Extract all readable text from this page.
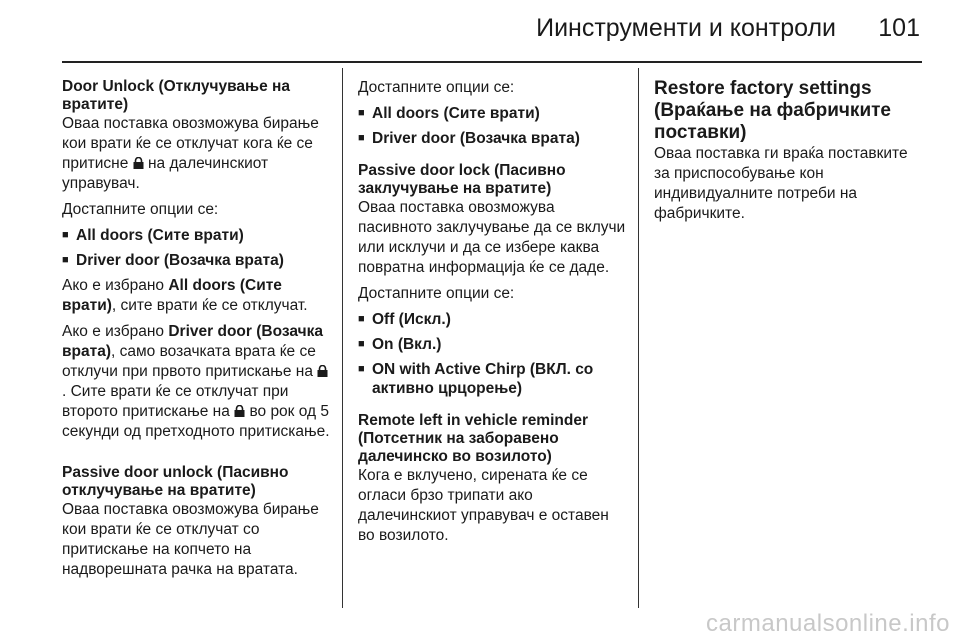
Иинструменти и контроли 101
Door Unlock (Отклучување на вратите)

Оваа поставка овозможува бирање кои врати ќе се отклучат кога ќе се притисне на далечинскиот управувач.

Достапните опции се:

■ All doors (Сите врати)
■ Driver door (Возачка врата)

Ако е избрано All doors (Сите врати), сите врати ќе се отклучат.

Ако е избрано Driver door (Возачка врата), само возачката врата ќе се отклучи при првото притискање на . Сите врати ќе се отклучат при второто притискање на во рок од 5 секунди од претходното притискање.

Passive door unlock (Пасивно отклучување на вратите)

Оваа поставка овозможува бирање кои врати ќе се отклучат со притискање на копчето на надворешната рачка на вратата.

Достапните опции се:

■ All doors (Сите врати)
■ Driver door (Возачка врата)
Passive door lock (Пасивно заклучување на вратите)

Оваа поставка овозможува пасивното заклучување да се вклучи или исклучи и да се избере каква повратна информација ќе се даде.

Достапните опции се:

■ Off (Искл.)
■ On (Вкл.)
■ ON with Active Chirp (ВКЛ. со активно црцорење)
Remote left in vehicle reminder (Потсетник на заборавено далечинско во возилото)

Кога е вклучено, сирената ќе се огласи брзо трипати ако далечинскиот управувач е оставен во возилото.

Restore factory settings (Враќање на фабричките поставки)

Оваа поставка ги враќа поставките за приспособување кон индивидуалните потреби на фабричките.

carmanualsonline.info
